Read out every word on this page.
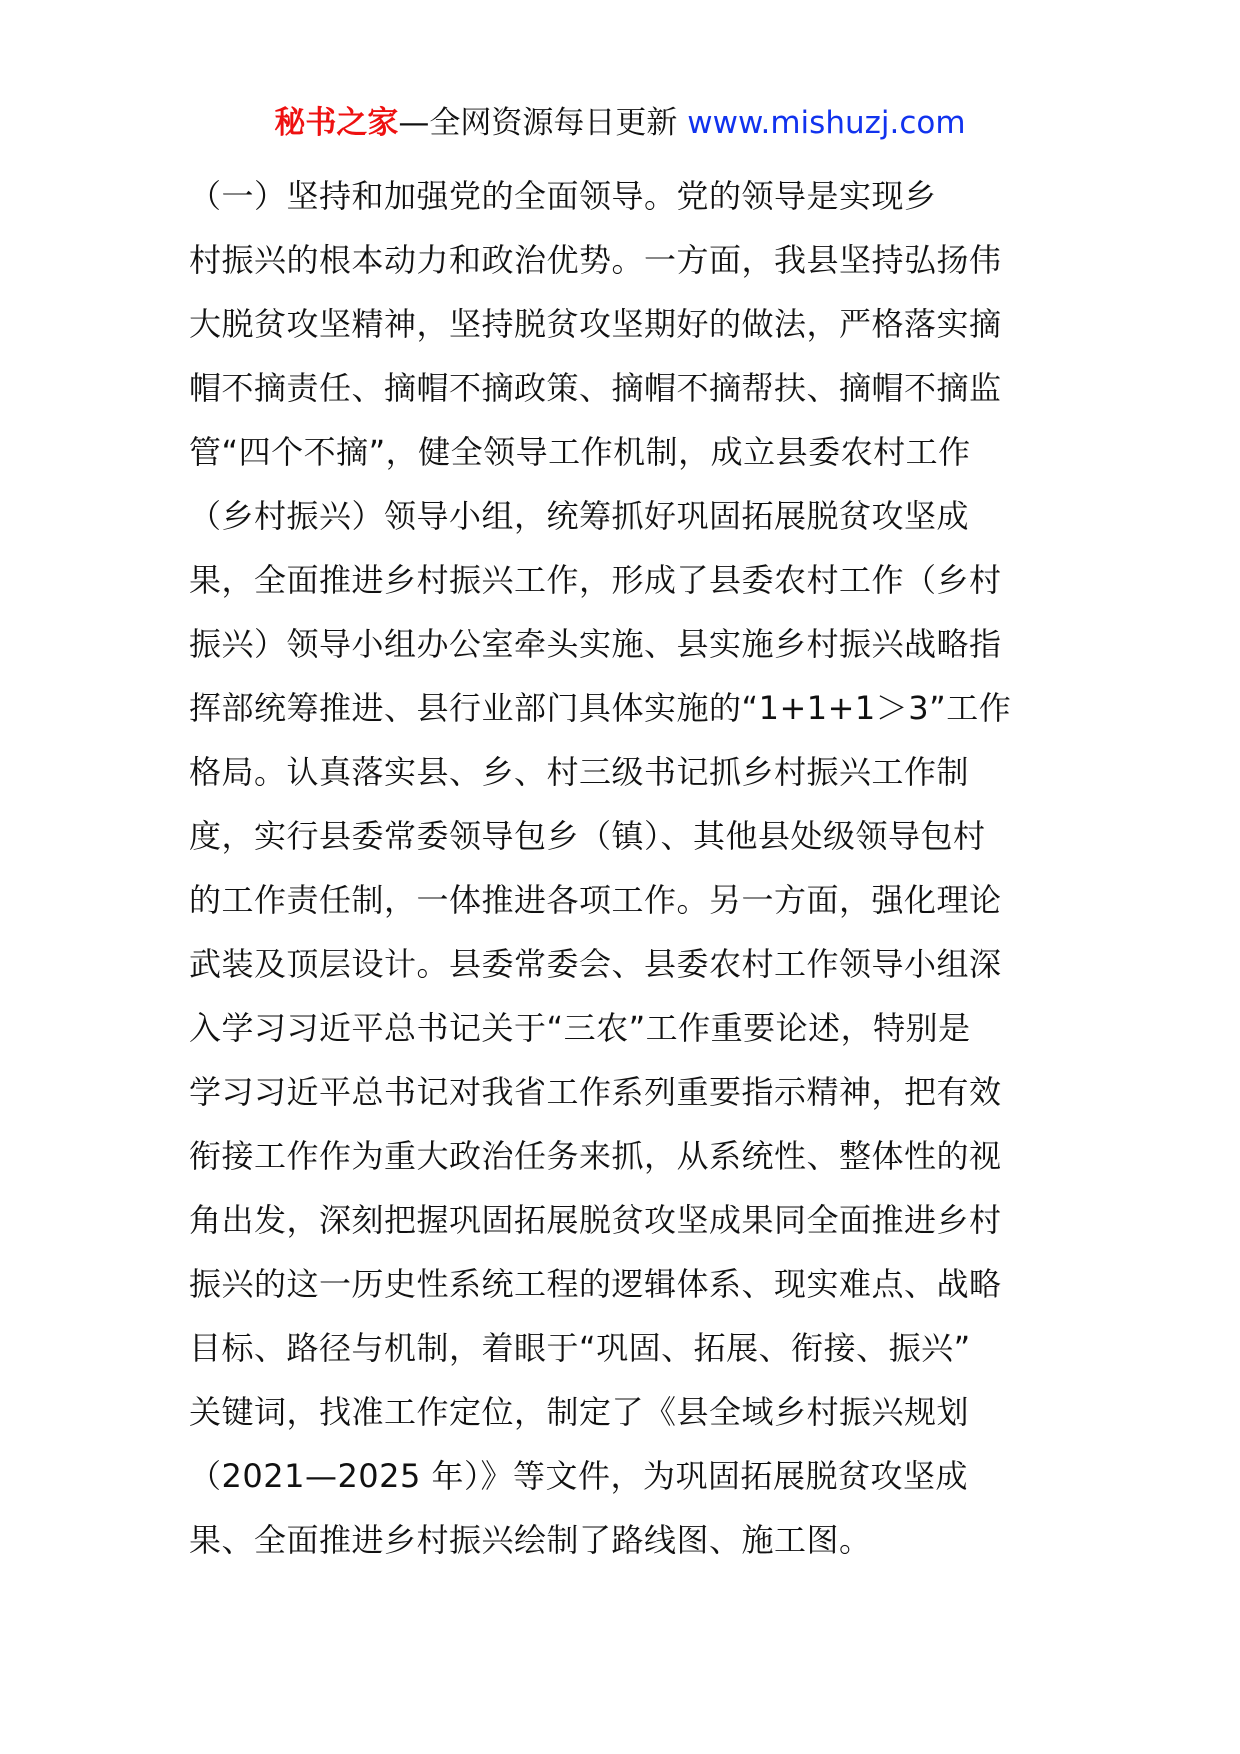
秘书之家—全网资源每日更新 www.mishuzj.com
（一）坚持和加强党的全面领导。党的领导是实现乡
村振兴的根本动力和政治优势。一方面，我县坚持弘扬伟
大脱贫攻坚精神，坚持脱贫攻坚期好的做法，严格落实摘
帽不摘责任、摘帽不摘政策、摘帽不摘帮扶、摘帽不摘监
管“四个不摘”，健全领导工作机制，成立县委农村工作
（乡村振兴）领导小组，统筹抓好巩固拓展脱贫攻坚成
果，全面推进乡村振兴工作，形成了县委农村工作（乡村
振兴）领导小组办公室牵头实施、县实施乡村振兴战略指
挥部统筹推进、县行业部门具体实施的“1+1+1＞3”工作
格局。认真落实县、乡、村三级书记抓乡村振兴工作制
度，实行县委常委领导包乡（镇）、其他县处级领导包村
的工作责任制，一体推进各项工作。另一方面，强化理论
武装及顶层设计。县委常委会、县委农村工作领导小组深
入学习习近平总书记关于“三农”工作重要论述，特别是
学习习近平总书记对我省工作系列重要指示精神，把有效
衔接工作作为重大政治任务来抓，从系统性、整体性的视
角出发，深刻把握巩固拓展脱贫攻坚成果同全面推进乡村
振兴的这一历史性系统工程的逻辑体系、现实难点、战略
目标、路径与机制，着眼于“巩固、拓展、衔接、振兴”
关键词，找准工作定位，制定了《县全域乡村振兴规划
（2021—2025 年）》等文件，为巩固拓展脱贫攻坚成
果、全面推进乡村振兴绘制了路线图、施工图。
